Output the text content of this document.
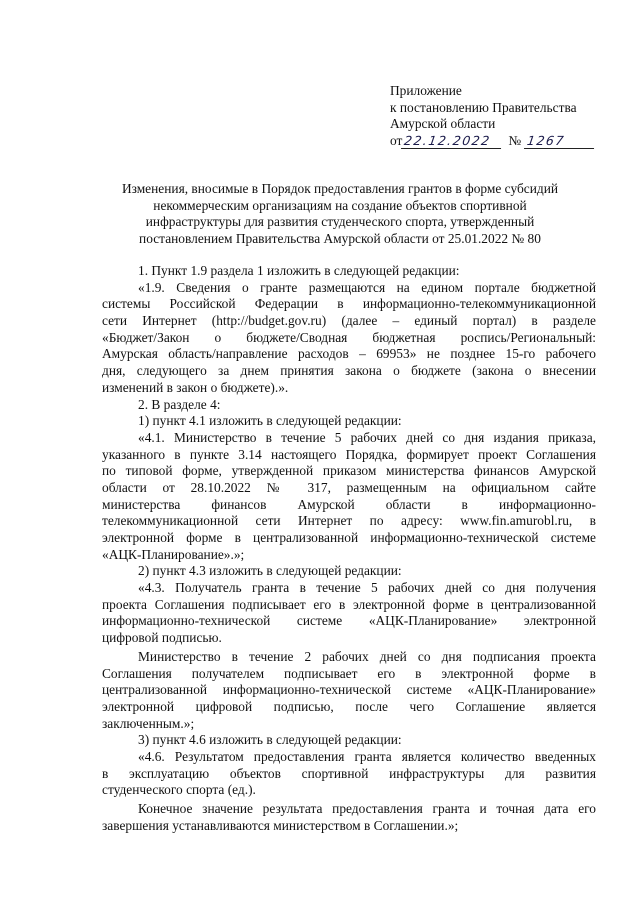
Приложение
к постановлению Правительства
Амурской области
от 22.12.2022	№ 1267
Изменения, вносимые в Порядок предоставления грантов в форме субсидий
некоммерческим организациям на создание объектов спортивной
инфраструктуры для развития студенческого спорта, утвержденный
постановлением Правительства Амурской области от 25.01.2022 № 80
1. Пункт 1.9 раздела 1 изложить в следующей редакции:
«1.9. Сведения о гранте размещаются на едином портале бюджетной
системы Российской Федерации в информационно-телекоммуникационной
сети Интернет (http://budget.gov.ru) (далее – единый портал) в разделе
«Бюджет/Закон о бюджете/Сводная бюджетная роспись/Региональный:
Амурская область/направление расходов – 69953» не позднее 15-го рабочего
дня, следующего за днем принятия закона о бюджете (закона о внесении
изменений в закон о бюджете).».
2. В разделе 4:
1) пункт 4.1 изложить в следующей редакции:
«4.1. Министерство в течение 5 рабочих дней со дня издания приказа,
указанного в пункте 3.14 настоящего Порядка, формирует проект Соглашения
по типовой форме, утвержденной приказом министерства финансов Амурской
области от 28.10.2022 № 317, размещенным на официальном сайте
министерства финансов Амурской области в информационно-
телекоммуникационной сети Интернет по адресу: www.fin.amurobl.ru, в
электронной форме в централизованной информационно-технической системе
«АЦК-Планирование».»;
2) пункт 4.3 изложить в следующей редакции:
«4.3. Получатель гранта в течение 5 рабочих дней со дня получения
проекта Соглашения подписывает его в электронной форме в централизованной
информационно-технической системе «АЦК-Планирование» электронной
цифровой подписью.
Министерство в течение 2 рабочих дней со дня подписания проекта
Соглашения получателем подписывает его в электронной форме в
централизованной информационно-технической системе «АЦК-Планирование»
электронной цифровой подписью, после чего Соглашение является
заключенным.»;
3) пункт 4.6 изложить в следующей редакции:
«4.6. Результатом предоставления гранта является количество введенных
в эксплуатацию объектов спортивной инфраструктуры для развития
студенческого спорта (ед.).
Конечное значение результата предоставления гранта и точная дата его
завершения устанавливаются министерством в Соглашении.»;
